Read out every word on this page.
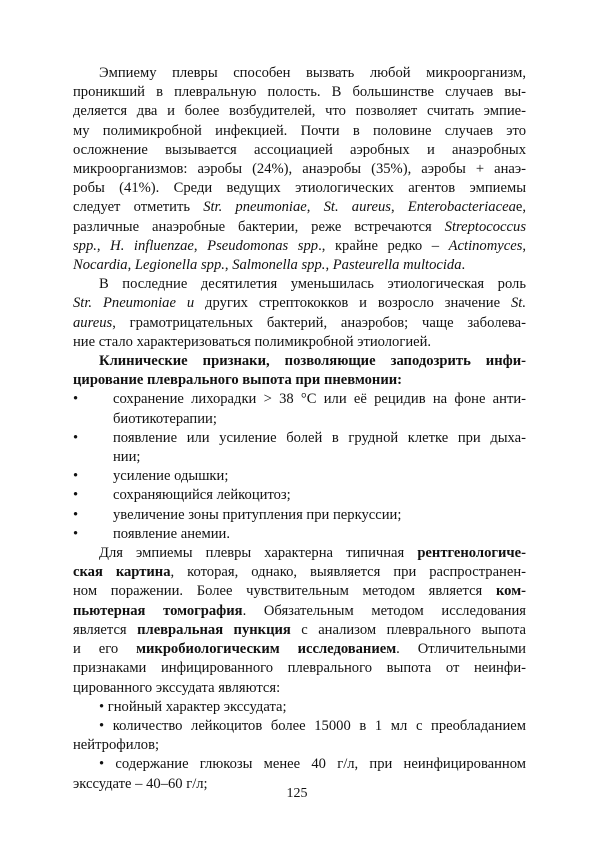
Эмпиему плевры способен вызвать любой микроорганизм,
проникший в плевральную полость. В большинстве случаев вы-
деляется два и более возбудителей, что позволяет считать эмпие-
му полимикробной инфекцией. Почти в половине случаев это
осложнение вызывается ассоциацией аэробных и анаэробных
микроорганизмов: аэробы (24%), анаэробы (35%), аэробы + анаэ-
робы (41%). Среди ведущих этиологических агентов эмпиемы
следует отметить Str. pneumoniae, St. aureus, Enterobacteriaceae,
различные анаэробные бактерии, реже встречаются Streptococcus
spp., H. influenzae, Pseudomonas spp., крайне редко – Actinomyces,
Nocardia, Legionella spp., Salmonella spp., Pasteurella multocida.
В последние десятилетия уменьшилась этиологическая роль
Str. Pneumoniae и других стрептококков и возросло значение St.
aureus, грамотрицательных бактерий, анаэробов; чаще заболева-
ние стало характеризоваться полимикробной этиологией.
Клинические признаки, позволяющие заподозрить инфи-
цирование плеврального выпота при пневмонии:
• сохранение лихорадки > 38 °С или её рецидив на фоне анти-
биотикотерапии;
• появление или усиление болей в грудной клетке при дыха-
нии;
• усиление одышки;
• сохраняющийся лейкоцитоз;
• увеличение зоны притупления при перкуссии;
• появление анемии.
Для эмпиемы плевры характерна типичная рентгенологиче-
ская картина, которая, однако, выявляется при распространен-
ном поражении. Более чувствительным методом является ком-
пьютерная томография. Обязательным методом исследования
является плевральная пункция с анализом плеврального выпота
и его микробиологическим исследованием. Отличительными
признаками инфицированного плеврального выпота от неинфи-
цированного экссудата являются:
• гнойный характер экссудата;
• количество лейкоцитов более 15000 в 1 мл с преобладанием
нейтрофилов;
• содержание глюкозы менее 40 г/л, при неинфицированном
экссудате – 40–60 г/л;
125
